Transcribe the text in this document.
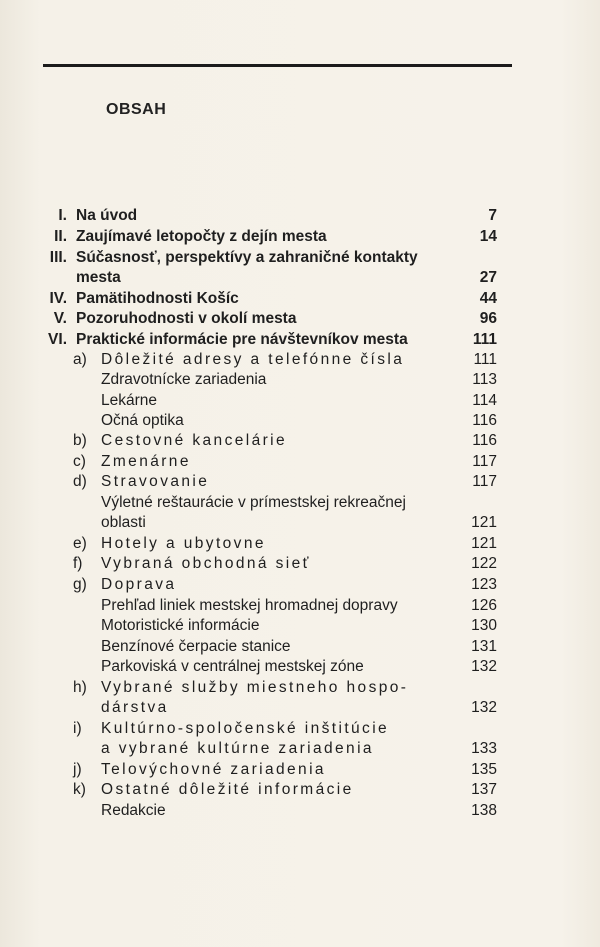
OBSAH
I. Na úvod	7
II. Zaujímavé letopočty z dejín mesta	14
III. Súčasnosť, perspektívy a zahraničné kontakty
mesta	27
IV. Pamätihodnosti Košíc	44
V. Pozoruhodnosti v okolí mesta	96
VI. Praktické informácie pre návštevníkov mesta	111
a) Dôležité adresy a telefónne čísla	111
Zdravotnícke zariadenia	113
Lekárne	114
Očná optika	116
b) Cestovné kancelárie	116
c) Zmenárne	117
d) Stravovanie	117
Výletné reštaurácie v prímestskej rekreačnej
oblasti	121
e) Hotely a ubytovne	121
f) Vybraná obchodná sieť	122
g) Doprava	123
Prehľad liniek mestskej hromadnej dopravy	126
Motoristické informácie	130
Benzínové čerpacie stanice	131
Parkoviská v centrálnej mestskej zóne	132
h) Vybrané služby miestneho hospo-
dárstva	132
i) Kultúrno-spoločenské inštitúcie
a vybrané kultúrne zariadenia	133
j) Telovýchovné zariadenia	135
k) Ostatné dôležité informácie	137
Redakcie	138
